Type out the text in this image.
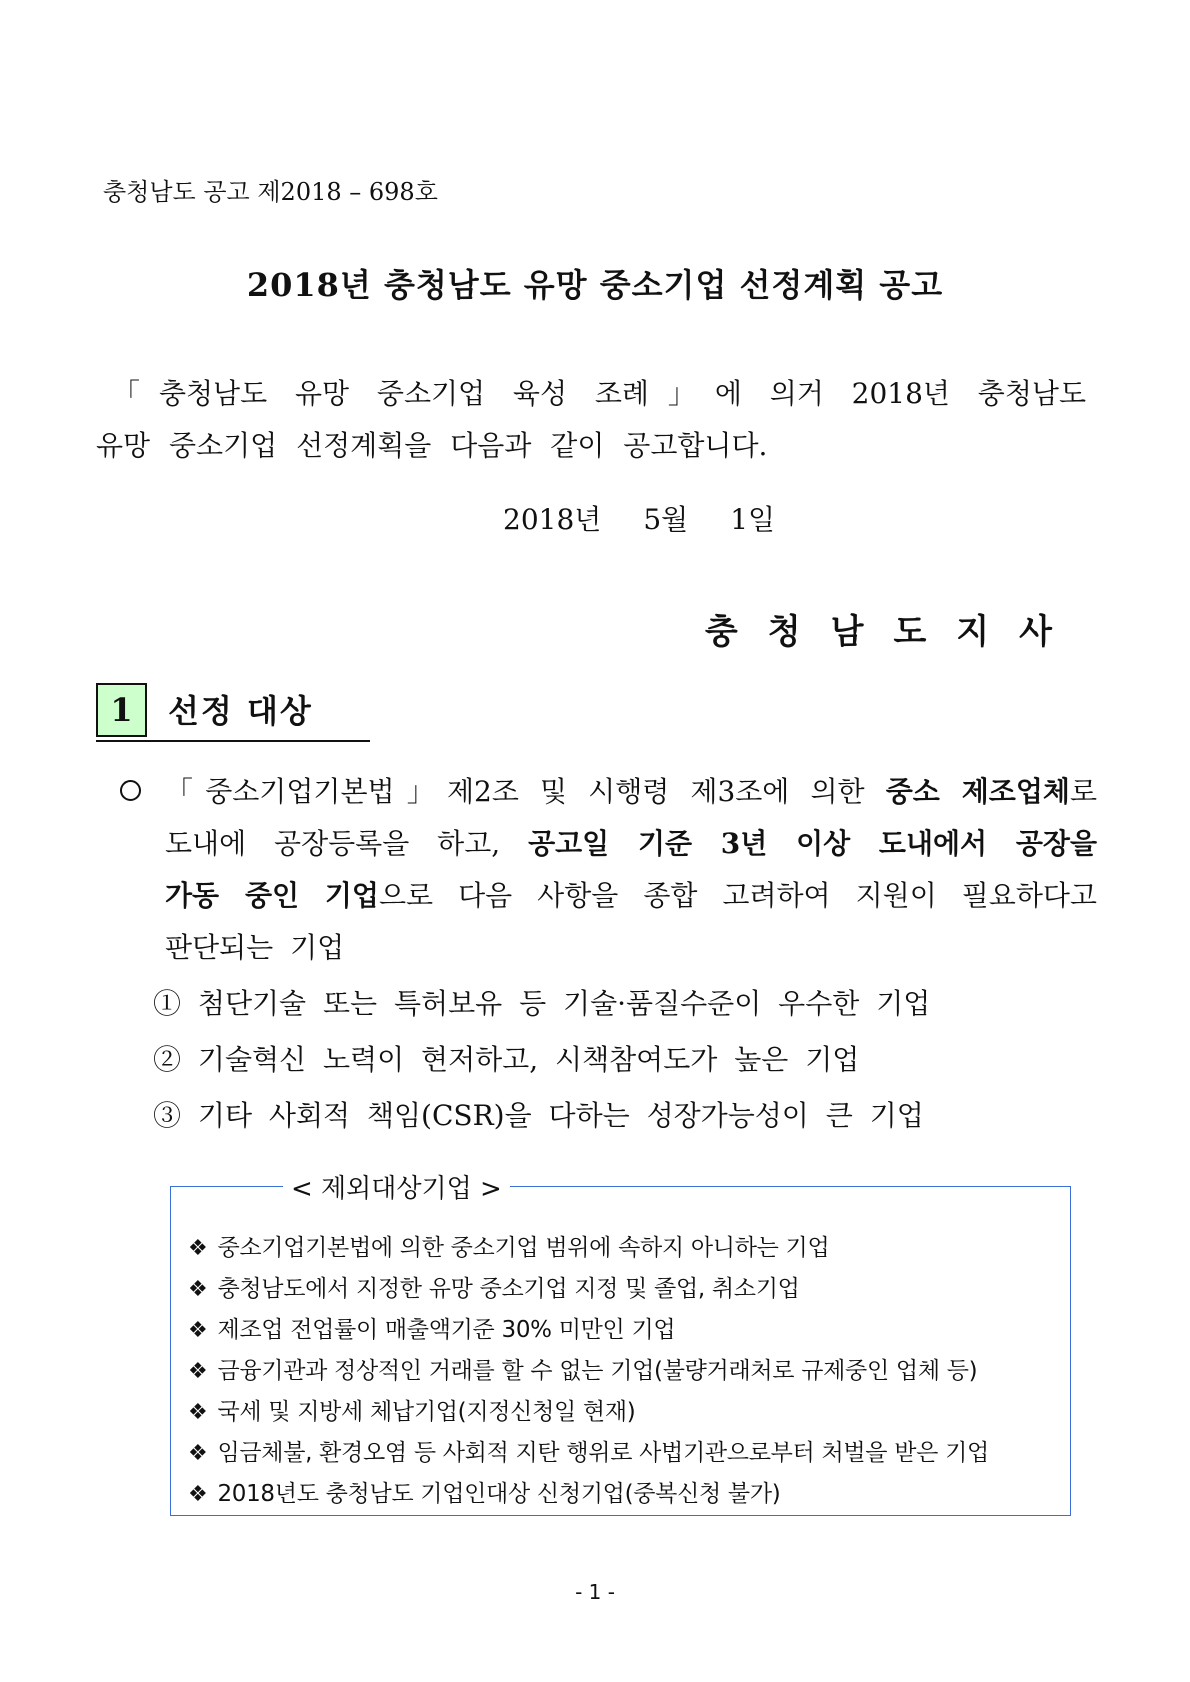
충청남도 공고 제2018 – 698호
2018년 충청남도 유망 중소기업 선정계획 공고
「충청남도 유망 중소기업 육성 조례」에 의거 2018년 충청남도
유망 중소기업 선정계획을 다음과 같이 공고합니다.
2018년 5월 1일
충청남도지사
1	선정 대상
「중소기업기본법」제2조 및 시행령 제3조에 의한 중소 제조업체로
도내에 공장등록을 하고, 공고일 기준 3년 이상 도내에서 공장을
가동 중인 기업으로 다음 사항을 종합 고려하여 지원이 필요하다고
판단되는 기업
① 첨단기술 또는 특허보유 등 기술·품질수준이 우수한 기업
② 기술혁신 노력이 현저하고, 시책참여도가 높은 기업
③ 기타 사회적 책임(CSR)을 다하는 성장가능성이 큰 기업
< 제외대상기업 >
❖ 중소기업기본법에 의한 중소기업 범위에 속하지 아니하는 기업
❖ 충청남도에서 지정한 유망 중소기업 지정 및 졸업, 취소기업
❖ 제조업 전업률이 매출액기준 30% 미만인 기업
❖ 금융기관과 정상적인 거래를 할 수 없는 기업(불량거래처로 규제중인 업체 등)
❖ 국세 및 지방세 체납기업(지정신청일 현재)
❖ 임금체불, 환경오염 등 사회적 지탄 행위로 사법기관으로부터 처벌을 받은 기업
❖ 2018년도 충청남도 기업인대상 신청기업(중복신청 불가)
- 1 -
